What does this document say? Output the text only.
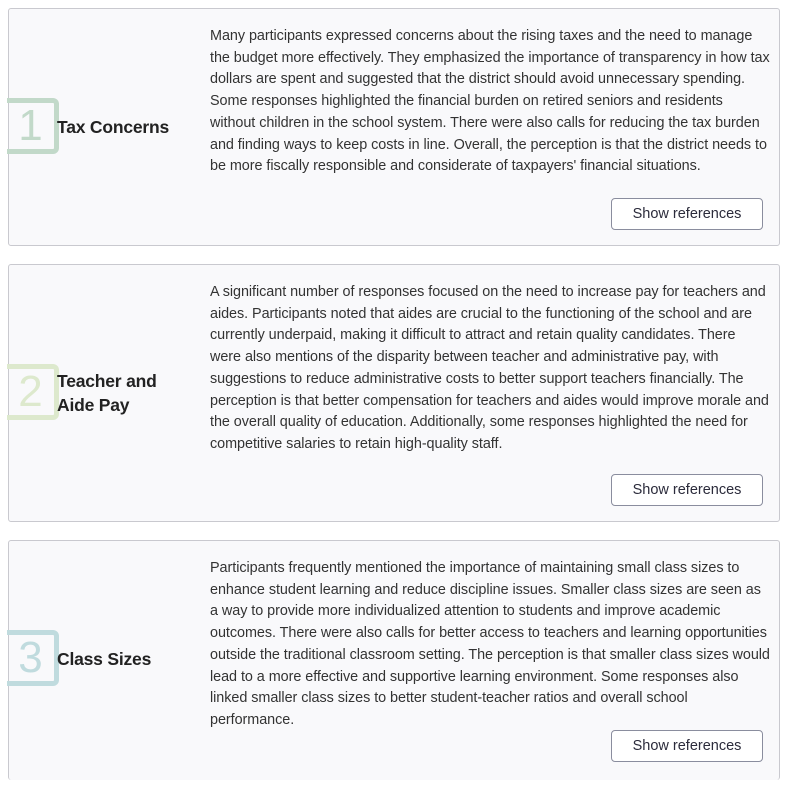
1 Tax Concerns

Many participants expressed concerns about the rising taxes and the need to manage the budget more effectively. They emphasized the importance of transparency in how tax dollars are spent and suggested that the district should avoid unnecessary spending. Some responses highlighted the financial burden on retired seniors and residents without children in the school system. There were also calls for reducing the tax burden and finding ways to keep costs in line. Overall, the perception is that the district needs to be more fiscally responsible and considerate of taxpayers' financial situations.

Show references
2 Teacher and Aide Pay

A significant number of responses focused on the need to increase pay for teachers and aides. Participants noted that aides are crucial to the functioning of the school and are currently underpaid, making it difficult to attract and retain quality candidates. There were also mentions of the disparity between teacher and administrative pay, with suggestions to reduce administrative costs to better support teachers financially. The perception is that better compensation for teachers and aides would improve morale and the overall quality of education. Additionally, some responses highlighted the need for competitive salaries to retain high-quality staff.

Show references
3 Class Sizes

Participants frequently mentioned the importance of maintaining small class sizes to enhance student learning and reduce discipline issues. Smaller class sizes are seen as a way to provide more individualized attention to students and improve academic outcomes. There were also calls for better access to teachers and learning opportunities outside the traditional classroom setting. The perception is that smaller class sizes would lead to a more effective and supportive learning environment. Some responses also linked smaller class sizes to better student-teacher ratios and overall school performance.

Show references
